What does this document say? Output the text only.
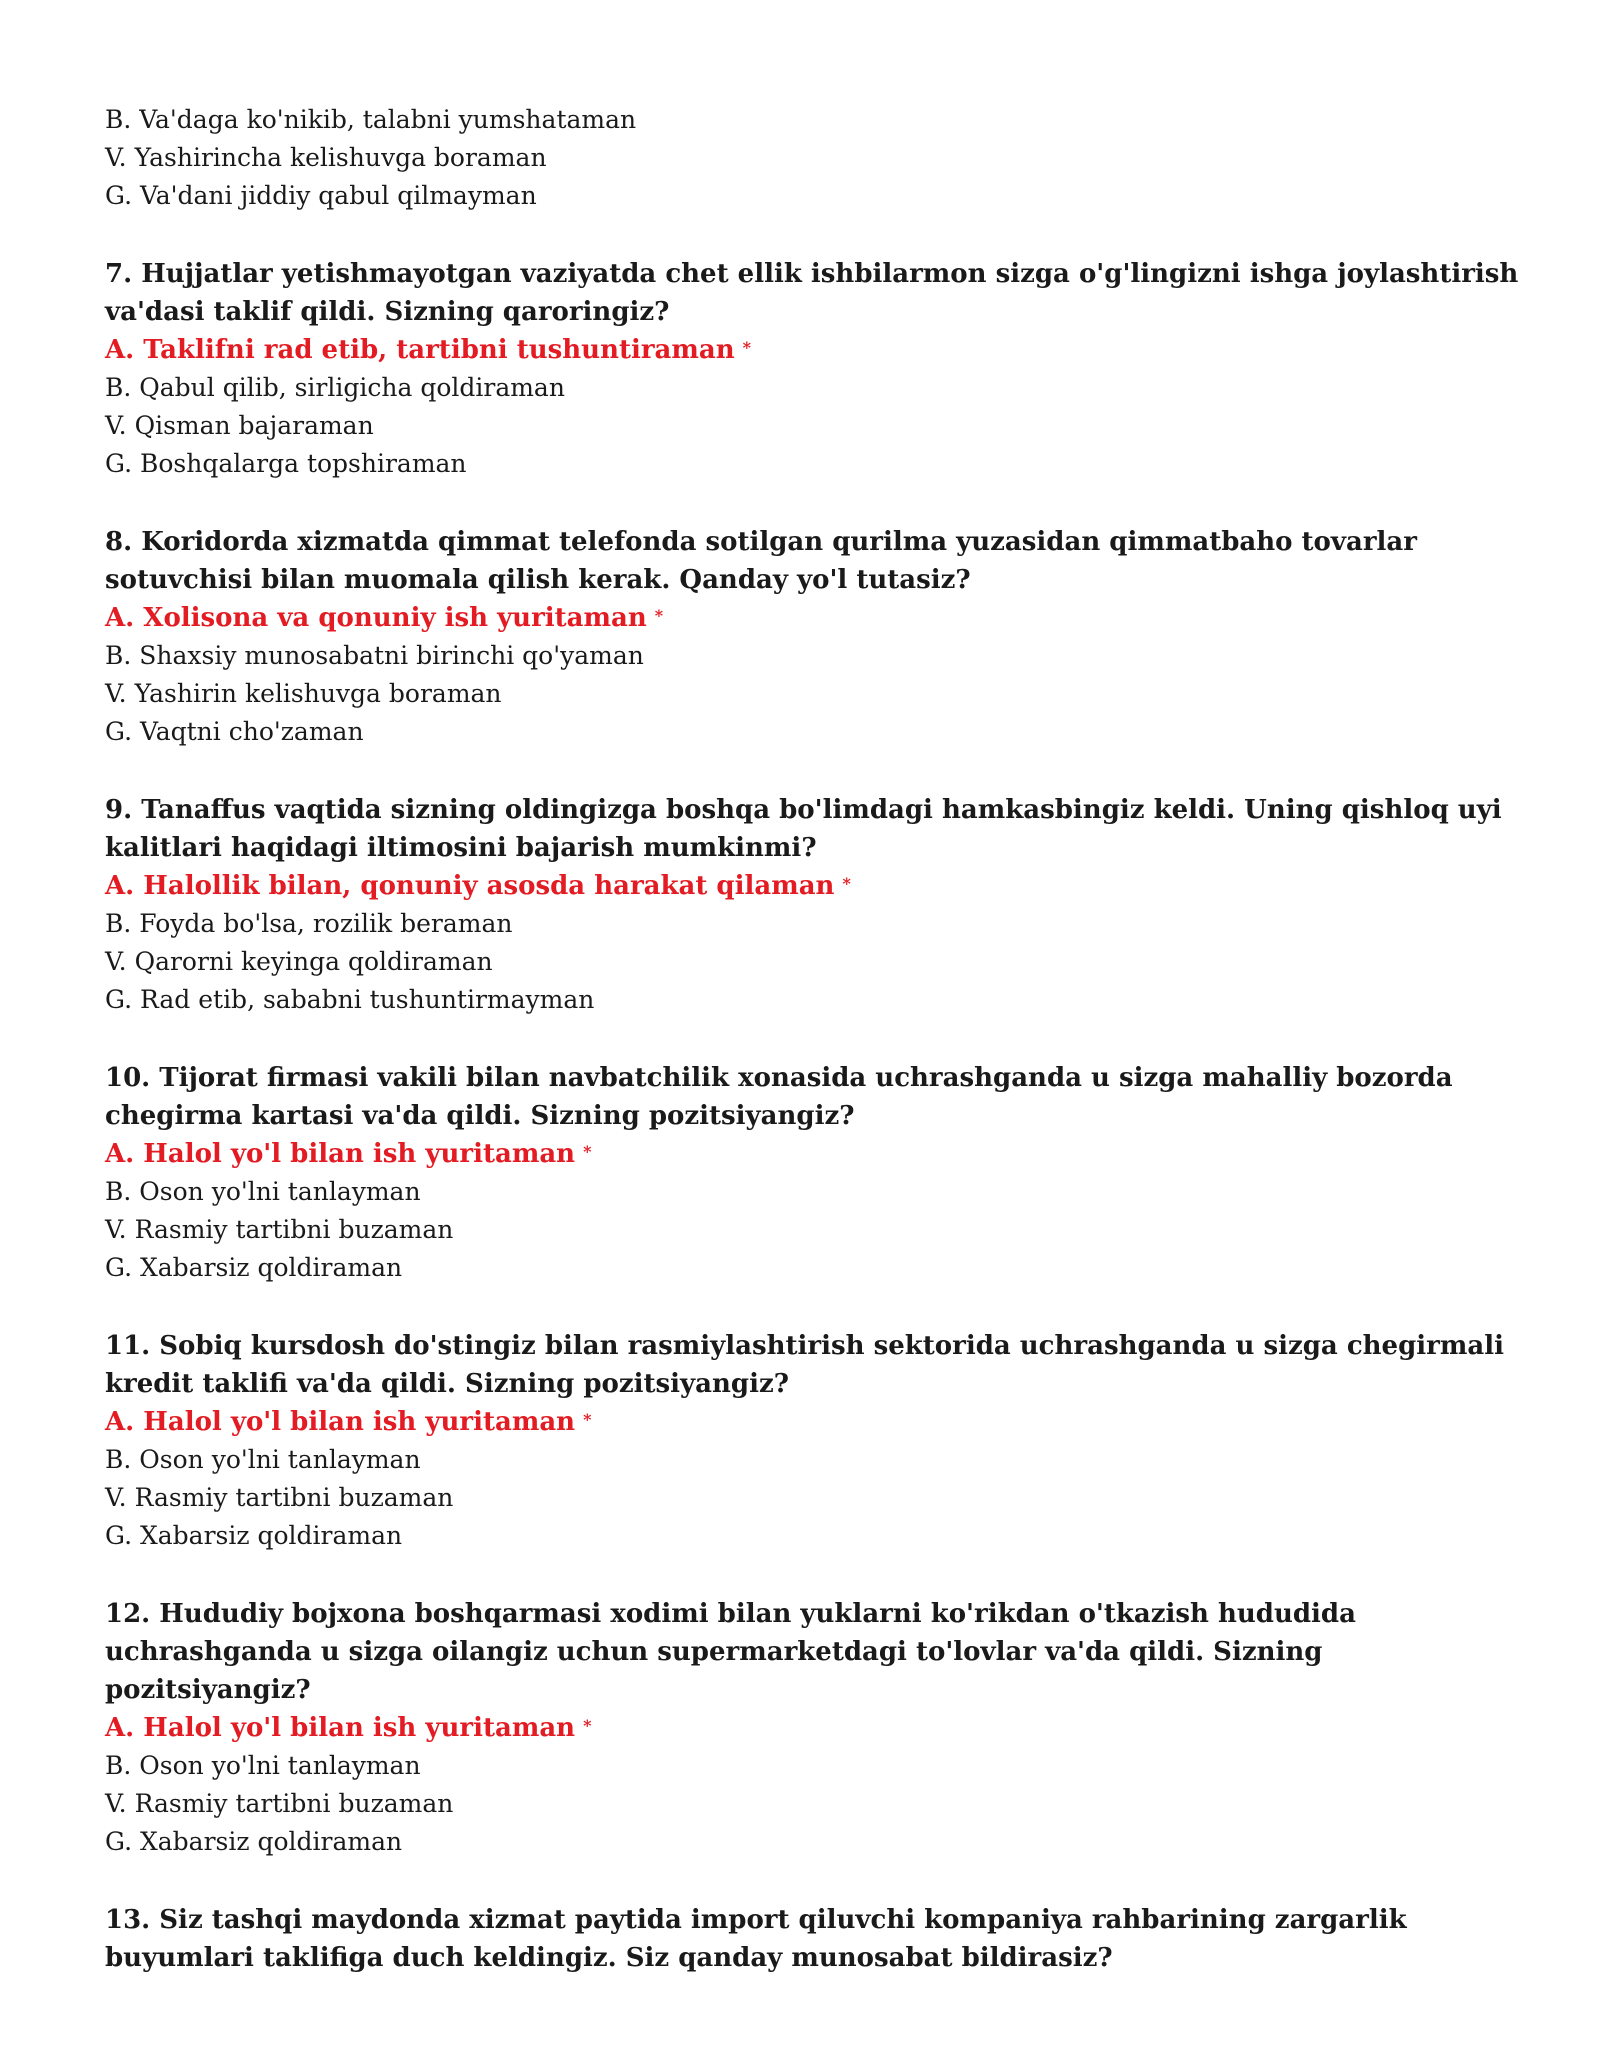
B. Va'daga ko'nikib, talabni yumshataman
V. Yashirincha kelishuvga boraman
G. Va'dani jiddiy qabul qilmayman
7. Hujjatlar yetishmayotgan vaziyatda chet ellik ishbilarmon sizga o'g'lingizni ishga joylashtirish va'dasi taklif qildi. Sizning qaroringiz?
A. Taklifni rad etib, tartibni tushuntiraman *
B. Qabul qilib, sirligicha qoldiraman
V. Qisman bajaraman
G. Boshqalarga topshiraman
8. Koridorda xizmatda qimmat telefonda sotilgan qurilma yuzasidan qimmatbaho tovarlar sotuvchisi bilan muomala qilish kerak. Qanday yo'l tutasiz?
A. Xolisona va qonuniy ish yuritaman *
B. Shaxsiy munosabatni birinchi qo'yaman
V. Yashirin kelishuvga boraman
G. Vaqtni cho'zaman
9. Tanaffus vaqtida sizning oldingizga boshqa bo'limdagi hamkasbingiz keldi. Uning qishloq uyi kalitlari haqidagi iltimosini bajarish mumkinmi?
A. Halollik bilan, qonuniy asosda harakat qilaman *
B. Foyda bo'lsa, rozilik beraman
V. Qarorni keyinga qoldiraman
G. Rad etib, sababni tushuntirmayman
10. Tijorat firmasi vakili bilan navbatchilik xonasida uchrashganda u sizga mahalliy bozorda chegirma kartasi va'da qildi. Sizning pozitsiyangiz?
A. Halol yo'l bilan ish yuritaman *
B. Oson yo'lni tanlayman
V. Rasmiy tartibni buzaman
G. Xabarsiz qoldiraman
11. Sobiq kursdosh do'stingiz bilan rasmiylashtirish sektorida uchrashganda u sizga chegirmali kredit taklifi va'da qildi. Sizning pozitsiyangiz?
A. Halol yo'l bilan ish yuritaman *
B. Oson yo'lni tanlayman
V. Rasmiy tartibni buzaman
G. Xabarsiz qoldiraman
12. Hududiy bojxona boshqarmasi xodimi bilan yuklarni ko'rikdan o'tkazish hududida uchrashganda u sizga oilangiz uchun supermarketdagi to'lovlar va'da qildi. Sizning pozitsiyangiz?
A. Halol yo'l bilan ish yuritaman *
B. Oson yo'lni tanlayman
V. Rasmiy tartibni buzaman
G. Xabarsiz qoldiraman
13. Siz tashqi maydonda xizmat paytida import qiluvchi kompaniya rahbarining zargarlik buyumlari taklifiga duch keldingiz. Siz qanday munosabat bildirasiz?
